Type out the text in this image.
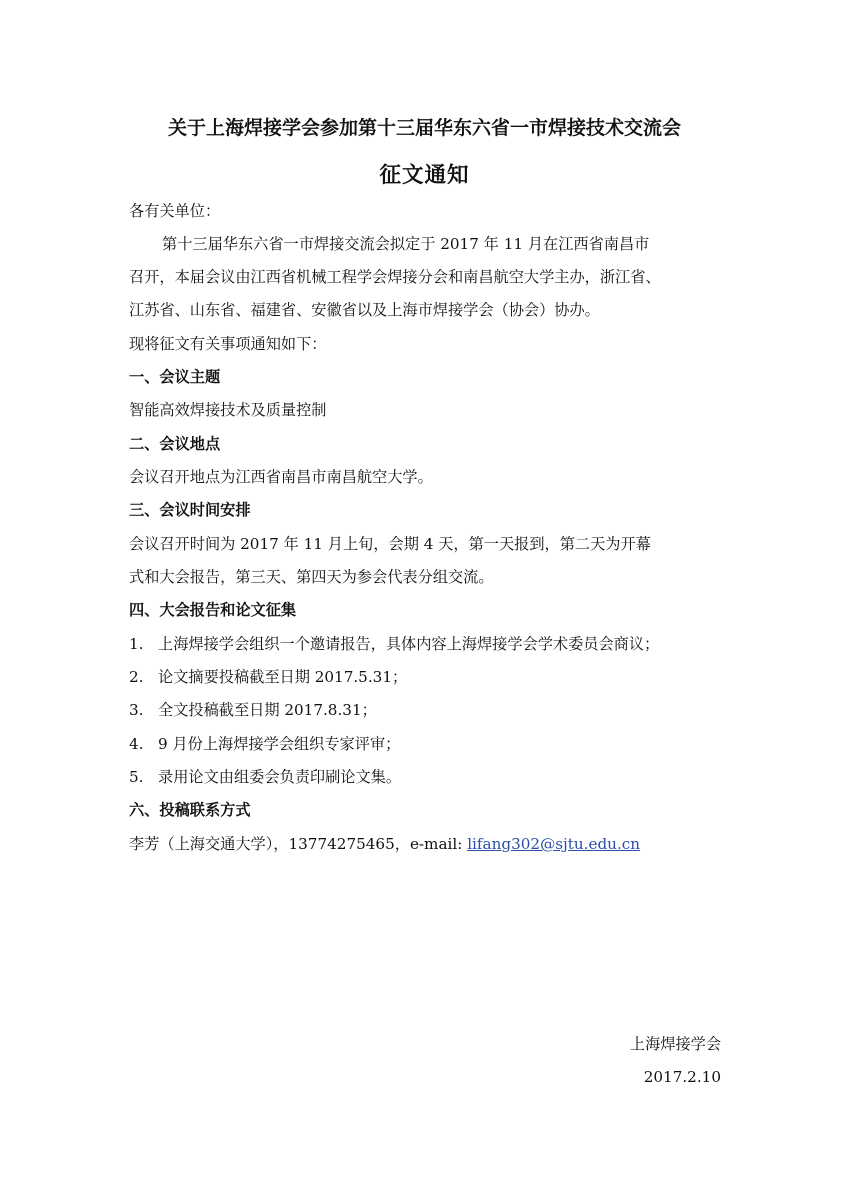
关于上海焊接学会参加第十三届华东六省一市焊接技术交流会
征文通知
各有关单位：
第十三届华东六省一市焊接交流会拟定于 2017 年 11 月在江西省南昌市
召开，本届会议由江西省机械工程学会焊接分会和南昌航空大学主办，浙江省、
江苏省、山东省、福建省、安徽省以及上海市焊接学会（协会）协办。
现将征文有关事项通知如下：
一、会议主题
智能高效焊接技术及质量控制
二、会议地点
会议召开地点为江西省南昌市南昌航空大学。
三、会议时间安排
会议召开时间为 2017 年 11 月上旬，会期 4 天，第一天报到，第二天为开幕
式和大会报告，第三天、第四天为参会代表分组交流。
四、大会报告和论文征集
1. 上海焊接学会组织一个邀请报告，具体内容上海焊接学会学术委员会商议；
2. 论文摘要投稿截至日期 2017.5.31；
3. 全文投稿截至日期 2017.8.31；
4. 9 月份上海焊接学会组织专家评审；
5. 录用论文由组委会负责印刷论文集。
六、投稿联系方式
李芳（上海交通大学），13774275465，e-mail: lifang302@sjtu.edu.cn
上海焊接学会
2017.2.10
